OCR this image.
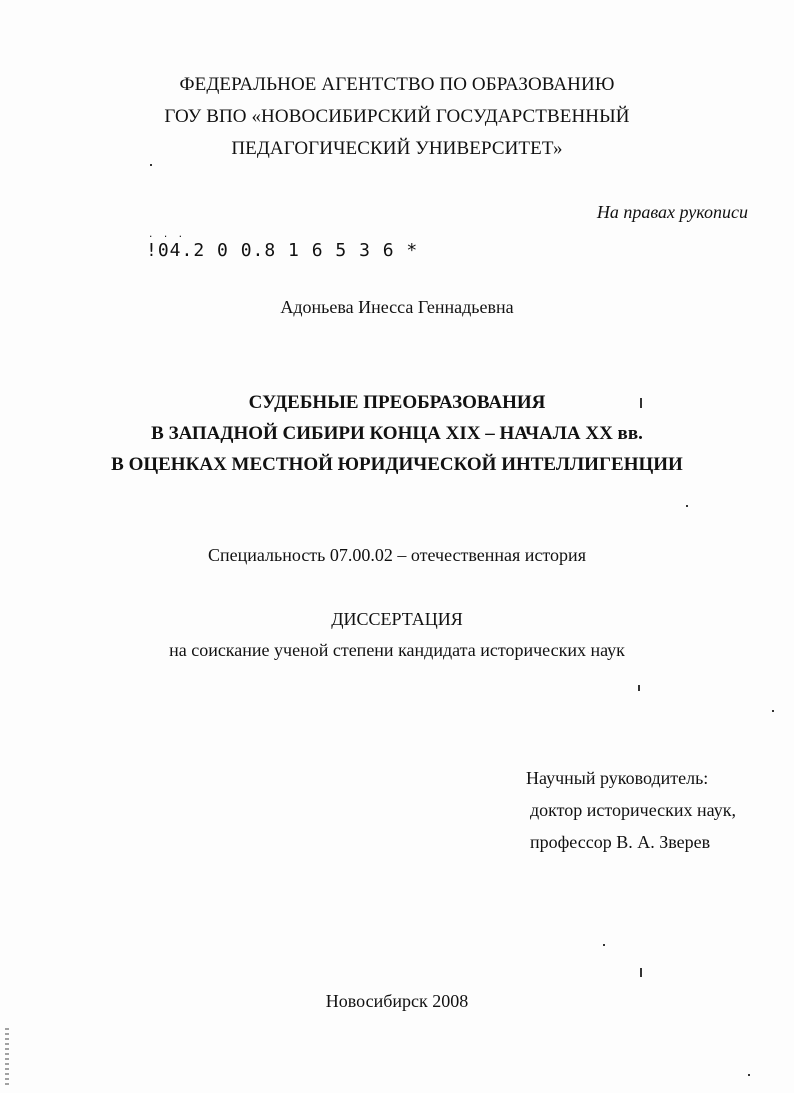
ФЕДЕРАЛЬНОЕ АГЕНТСТВО ПО ОБРАЗОВАНИЮ
ГОУ ВПО «НОВОСИБИРСКИЙ ГОСУДАРСТВЕННЫЙ
ПЕДАГОГИЧЕСКИЙ УНИВЕРСИТЕТ»
На правах рукописи
. . .
!04.2 0 0.8 1 6 5 3 6 *
Адоньева Инесса Геннадьевна
СУДЕБНЫЕ ПРЕОБРАЗОВАНИЯ
В ЗАПАДНОЙ СИБИРИ КОНЦА XIX – НАЧАЛА XX вв.
В ОЦЕНКАХ МЕСТНОЙ ЮРИДИЧЕСКОЙ ИНТЕЛЛИГЕНЦИИ
Специальность 07.00.02 – отечественная история
ДИССЕРТАЦИЯ
на соискание ученой степени кандидата исторических наук
Научный руководитель:
доктор исторических наук,
профессор В. А. Зверев
Новосибирск 2008
